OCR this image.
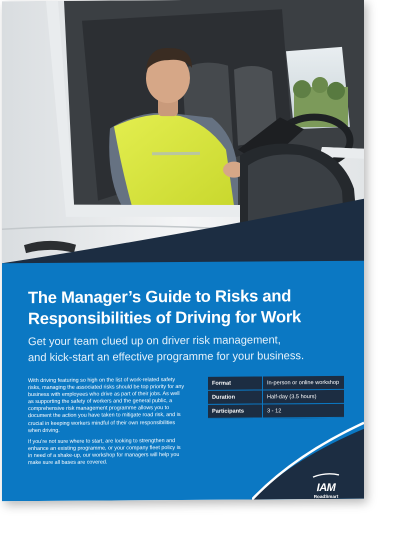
The Manager’s Guide to Risks and
Responsibilities of Driving for Work

Get your team clued up on driver risk management,
and kick-start an effective programme for your business.

With driving featuring so high on the list of work-related safety risks, managing the associated risks should be top priority for any business with employees who drive as part of their jobs. As well as supporting the safety of workers and the general public, a comprehensive risk management programme allows you to document the action you have taken to mitigate road risk, and is crucial in keeping workers mindful of their own responsibilities when driving.

If you’re not sure where to start, are looking to strengthen and enhance an existing programme, or your company fleet policy is in need of a shake-up, our workshop for managers will help you make sure all bases are covered.

Format	In-person or online workshop
Duration	Half-day (3.5 hours)
Participants	3 - 12
IAM
RoadSmart
